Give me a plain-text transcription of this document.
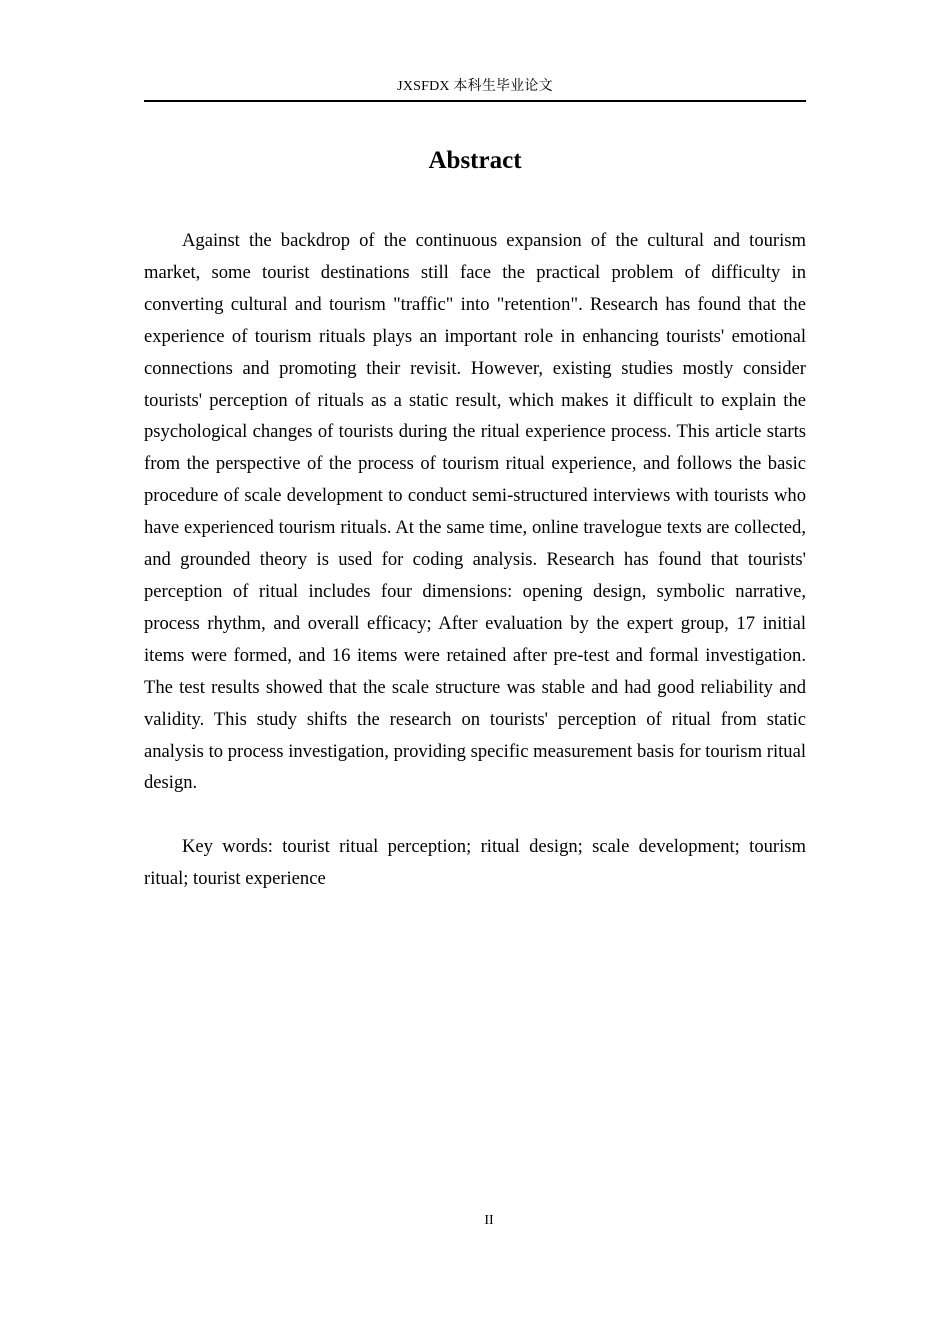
JXSFDX 本科生毕业论文
Abstract

Against the backdrop of the continuous expansion of the cultural and tourism market, some tourist destinations still face the practical problem of difficulty in converting cultural and tourism "traffic" into "retention". Research has found that the experience of tourism rituals plays an important role in enhancing tourists' emotional connections and promoting their revisit. However, existing studies mostly consider tourists' perception of rituals as a static result, which makes it difficult to explain the psychological changes of tourists during the ritual experience process. This article starts from the perspective of the process of tourism ritual experience, and follows the basic procedure of scale development to conduct semi-structured interviews with tourists who have experienced tourism rituals. At the same time, online travelogue texts are collected, and grounded theory is used for coding analysis. Research has found that tourists' perception of ritual includes four dimensions: opening design, symbolic narrative, process rhythm, and overall efficacy; After evaluation by the expert group, 17 initial items were formed, and 16 items were retained after pre-test and formal investigation. The test results showed that the scale structure was stable and had good reliability and validity. This study shifts the research on tourists' perception of ritual from static analysis to process investigation, providing specific measurement basis for tourism ritual design.

Key words: tourist ritual perception; ritual design; scale development; tourism ritual; tourist experience

II
